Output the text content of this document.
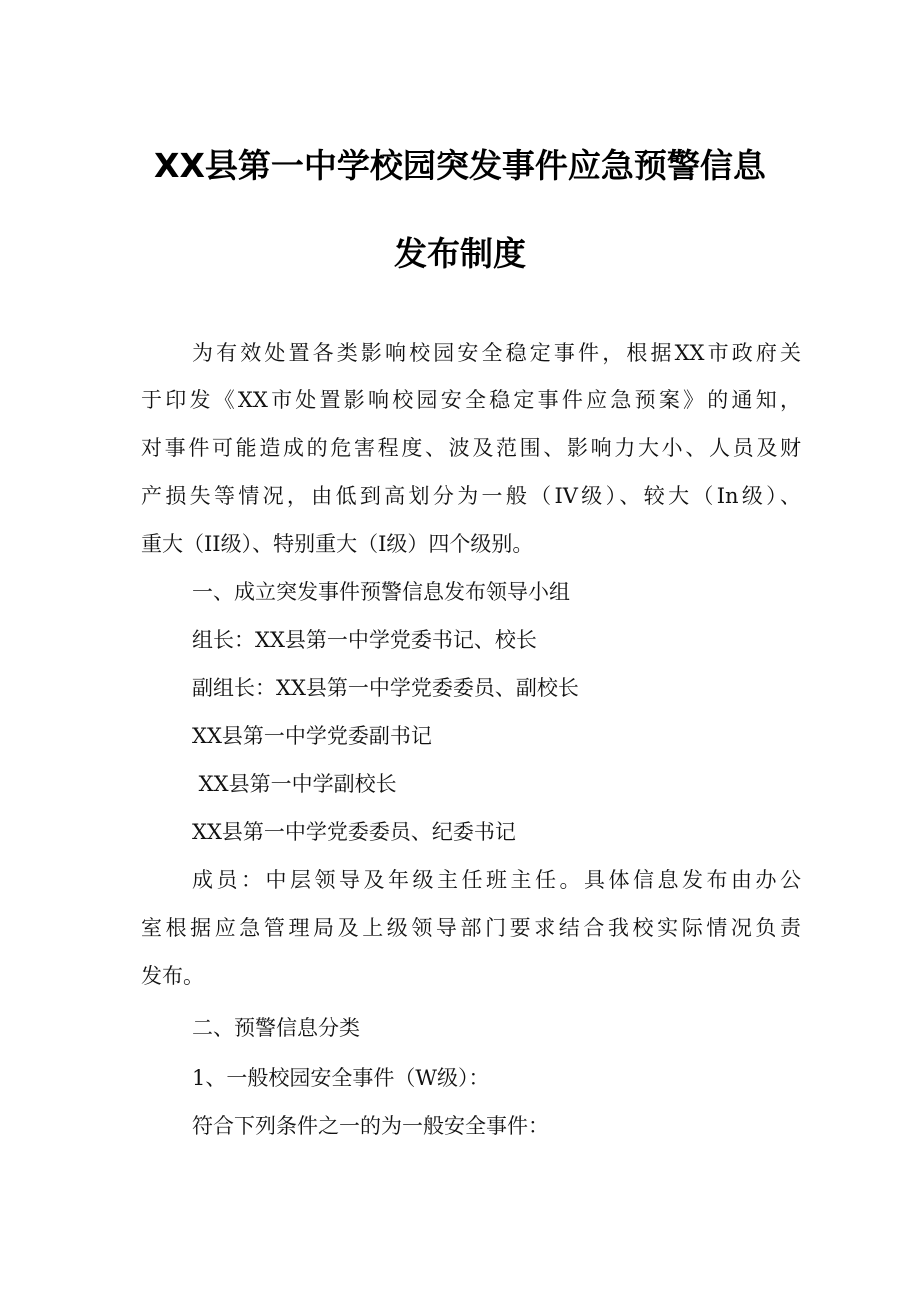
XX县第一中学校园突发事件应急预警信息
发布制度
为有效处置各类影响校园安全稳定事件，根据XX市政府关
于印发《XX市处置影响校园安全稳定事件应急预案》的通知，
对事件可能造成的危害程度、波及范围、影响力大小、人员及财
产损失等情况，由低到高划分为一般（IV级）、较大（In级）、
重大（II级）、特别重大（I级）四个级别。
一、成立突发事件预警信息发布领导小组
组长：XX县第一中学党委书记、校长
副组长：XX县第一中学党委委员、副校长
XX县第一中学党委副书记
XX县第一中学副校长
XX县第一中学党委委员、纪委书记
成员：中层领导及年级主任班主任。具体信息发布由办公
室根据应急管理局及上级领导部门要求结合我校实际情况负责
发布。
二、预警信息分类
1、一般校园安全事件（W级）：
符合下列条件之一的为一般安全事件：
